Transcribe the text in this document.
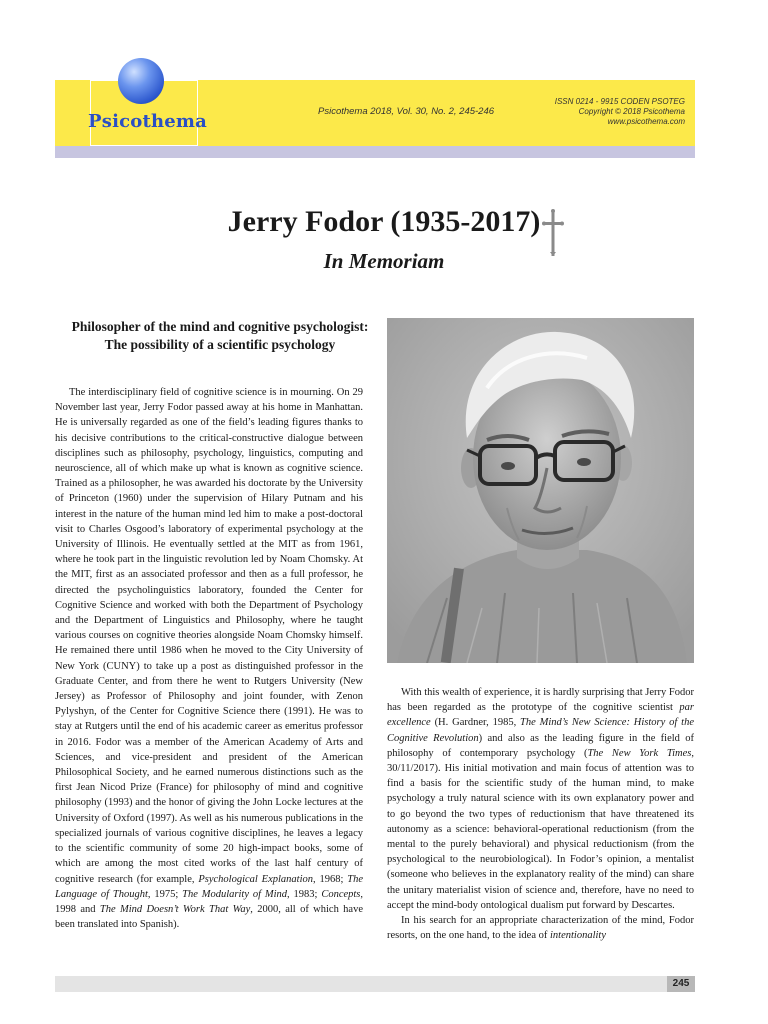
Psicothema	Psicothema 2018, Vol. 30, No. 2, 245-246

ISSN 0214 - 9915 CODEN PSOTEG
Copyright © 2018 Psicothema
www.psicothema.com
Jerry Fodor (1935-2017)
In Memoriam
Philosopher of the mind and cognitive psychologist: The possibility of a scientific psychology

The interdisciplinary field of cognitive science is in mourning. On 29 November last year, Jerry Fodor passed away at his home in Manhattan. He is universally regarded as one of the field’s leading figures thanks to his decisive contributions to the critical-constructive dialogue between disciplines such as philosophy, psychology, linguistics, computing and neuroscience, all of which make up what is known as cognitive science. Trained as a philosopher, he was awarded his doctorate by the University of Princeton (1960) under the supervision of Hilary Putnam and his interest in the nature of the human mind led him to make a post-doctoral visit to Charles Osgood’s laboratory of experimental psychology at the University of Illinois. He eventually settled at the MIT as from 1961, where he took part in the linguistic revolution led by Noam Chomsky. At the MIT, first as an associated professor and then as a full professor, he directed the psycholinguistics laboratory, founded the Center for Cognitive Science and worked with both the Department of Psychology and the Department of Linguistics and Philosophy, where he taught various courses on cognitive theories alongside Noam Chomsky himself. He remained there until 1986 when he moved to the City University of New York (CUNY) to take up a post as distinguished professor in the Graduate Center, and from there he went to Rutgers University (New Jersey) as Professor of Philosophy and joint founder, with Zenon Pylyshyn, of the Center for Cognitive Science there (1991). He was to stay at Rutgers until the end of his academic career as emeritus professor in 2016. Fodor was a member of the American Academy of Arts and Sciences, and vice-president and president of the American Philosophical Society, and he earned numerous distinctions such as the first Jean Nicod Prize (France) for philosophy of mind and cognitive philosophy (1993) and the honor of giving the John Locke lectures at the University of Oxford (1997). As well as his numerous publications in the specialized journals of various cognitive disciplines, he leaves a legacy to the scientific community of some 20 high-impact books, some of which are among the most cited works of the last half century of cognitive research (for example, Psychological Explanation, 1968; The Language of Thought, 1975; The Modularity of Mind, 1983; Concepts, 1998 and The Mind Doesn’t Work That Way, 2000, all of which have been translated into Spanish).

With this wealth of experience, it is hardly surprising that Jerry Fodor has been regarded as the prototype of the cognitive scientist par excellence (H. Gardner, 1985, The Mind’s New Science: History of the Cognitive Revolution) and also as the leading figure in the field of philosophy of contemporary psychology (The New York Times, 30/11/2017). His initial motivation and main focus of attention was to find a basis for the scientific study of the human mind, to make psychology a truly natural science with its own explanatory power and to go beyond the two types of reductionism that have threatened its autonomy as a science: behavioral-operational reductionism (from the mental to the purely behavioral) and physical reductionism (from the psychological to the neurobiological). In Fodor’s opinion, a mentalist (someone who believes in the explanatory reality of the mind) can share the unitary materialist vision of science and, therefore, have no need to accept the mind-body ontological dualism put forward by Descartes.

In his search for an appropriate characterization of the mind, Fodor resorts, on the one hand, to the idea of intentionality

245
